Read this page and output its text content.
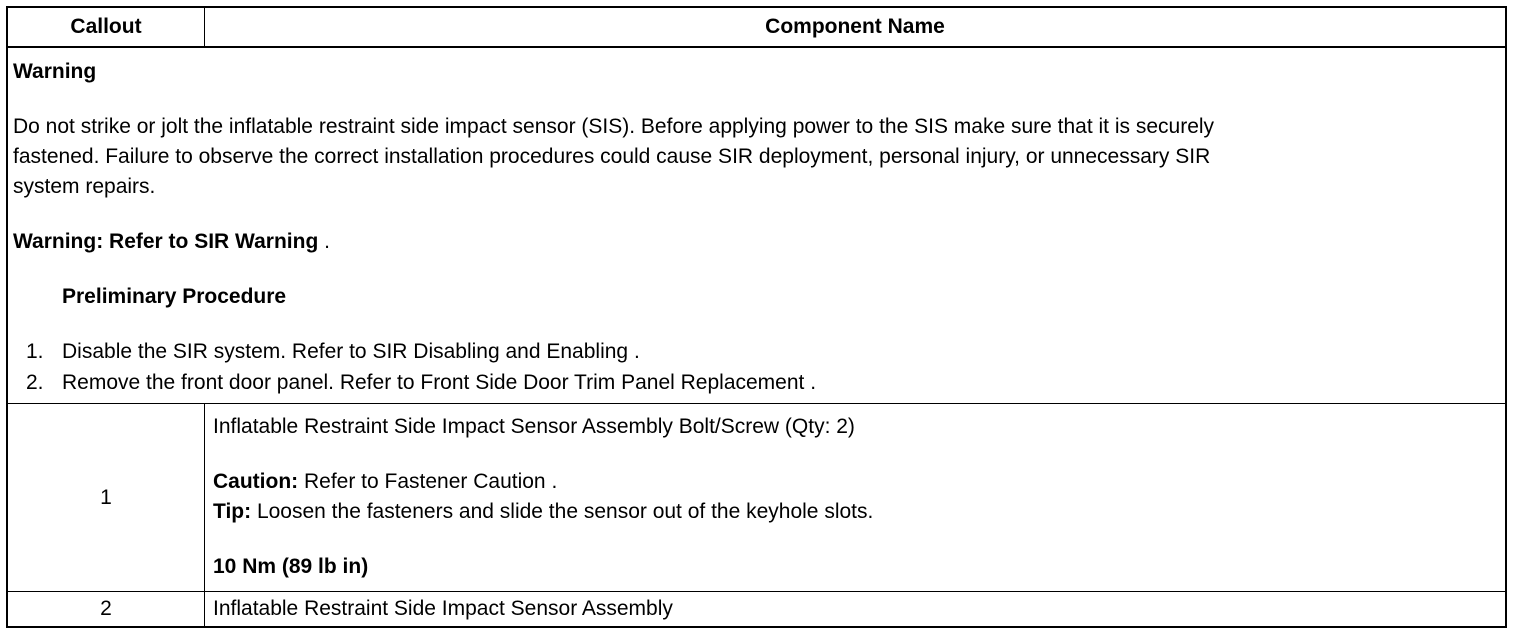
Callout	Component Name
Warning
Do not strike or jolt the inflatable restraint side impact sensor (SIS). Before applying power to the SIS make sure that it is securely
fastened. Failure to observe the correct installation procedures could cause SIR deployment, personal injury, or unnecessary SIR
system repairs.
Warning: Refer to SIR Warning .
Preliminary Procedure
1. Disable the SIR system. Refer to SIR Disabling and Enabling .
2. Remove the front door panel. Refer to Front Side Door Trim Panel Replacement .
1
Inflatable Restraint Side Impact Sensor Assembly Bolt/Screw (Qty: 2)
Caution: Refer to Fastener Caution .
Tip: Loosen the fasteners and slide the sensor out of the keyhole slots.
10 Nm (89 lb in)
2	Inflatable Restraint Side Impact Sensor Assembly
